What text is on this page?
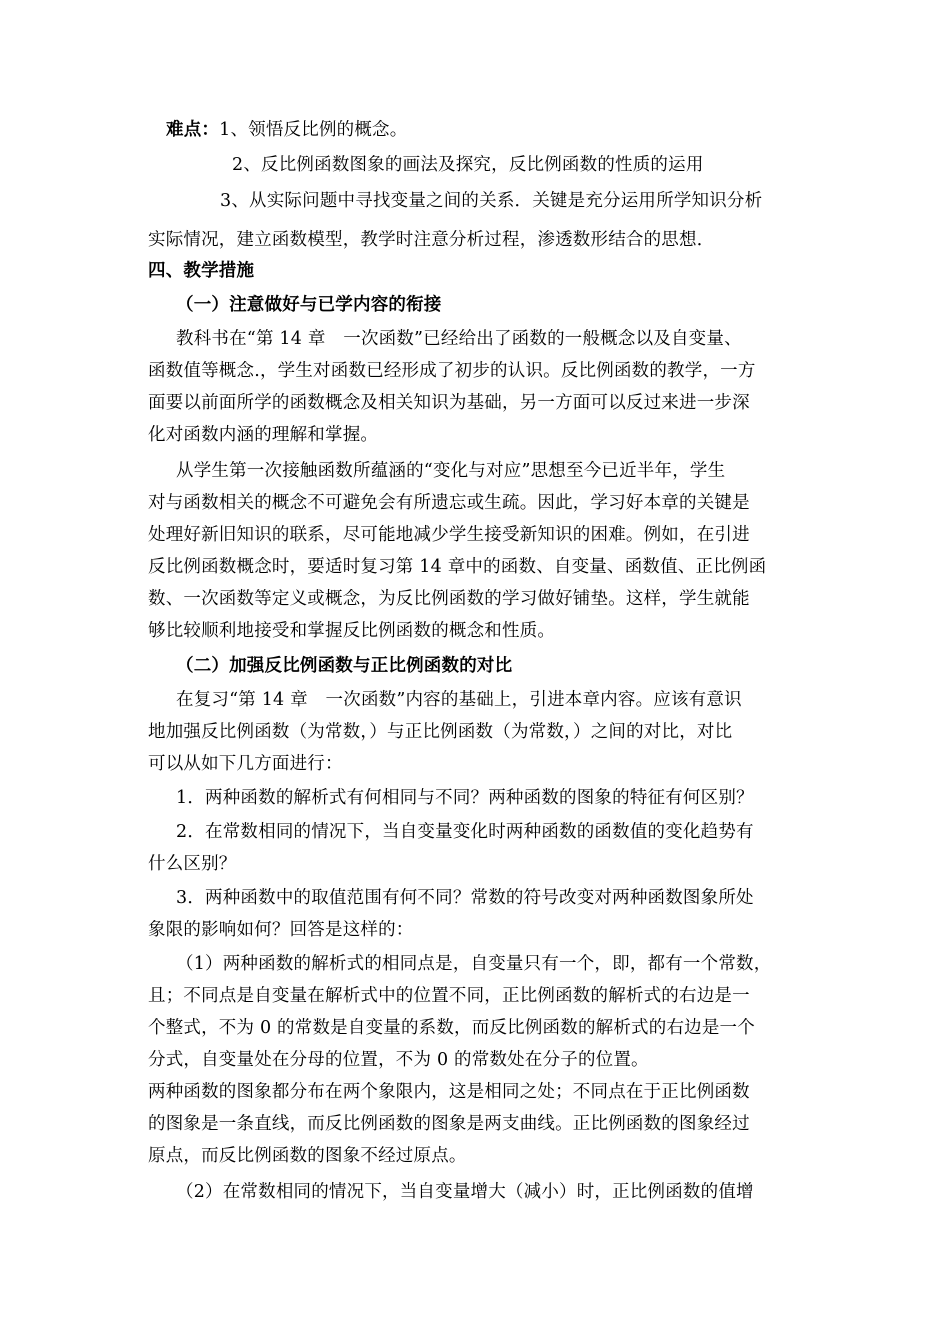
难点：1、领悟反比例的概念。
2、反比例函数图象的画法及探究，反比例函数的性质的运用
3、从实际问题中寻找变量之间的关系．关键是充分运用所学知识分析
实际情况，建立函数模型，教学时注意分析过程，渗透数形结合的思想．
四、教学措施
（一）注意做好与已学内容的衔接
教科书在“第 14 章　一次函数”已经给出了函数的一般概念以及自变量、
函数值等概念.，学生对函数已经形成了初步的认识。反比例函数的教学，一方
面要以前面所学的函数概念及相关知识为基础，另一方面可以反过来进一步深
化对函数内涵的理解和掌握。
从学生第一次接触函数所蕴涵的“变化与对应”思想至今已近半年，学生
对与函数相关的概念不可避免会有所遗忘或生疏。因此，学习好本章的关键是
处理好新旧知识的联系，尽可能地减少学生接受新知识的困难。例如，在引进
反比例函数概念时，要适时复习第 14 章中的函数、自变量、函数值、正比例函
数、一次函数等定义或概念，为反比例函数的学习做好铺垫。这样，学生就能
够比较顺利地接受和掌握反比例函数的概念和性质。
（二）加强反比例函数与正比例函数的对比
在复习“第 14 章　一次函数”内容的基础上，引进本章内容。应该有意识
地加强反比例函数（为常数，）与正比例函数（为常数，）之间的对比，对比
可以从如下几方面进行：
1．两种函数的解析式有何相同与不同？两种函数的图象的特征有何区别？
2．在常数相同的情况下，当自变量变化时两种函数的函数值的变化趋势有
什么区别？
3．两种函数中的取值范围有何不同？常数的符号改变对两种函数图象所处
象限的影响如何？回答是这样的：
（1）两种函数的解析式的相同点是，自变量只有一个，即，都有一个常数，
且；不同点是自变量在解析式中的位置不同，正比例函数的解析式的右边是一
个整式，不为 0 的常数是自变量的系数，而反比例函数的解析式的右边是一个
分式，自变量处在分母的位置，不为 0 的常数处在分子的位置。
两种函数的图象都分布在两个象限内，这是相同之处；不同点在于正比例函数
的图象是一条直线，而反比例函数的图象是两支曲线。正比例函数的图象经过
原点，而反比例函数的图象不经过原点。
（2）在常数相同的情况下，当自变量增大（减小）时，正比例函数的值增
